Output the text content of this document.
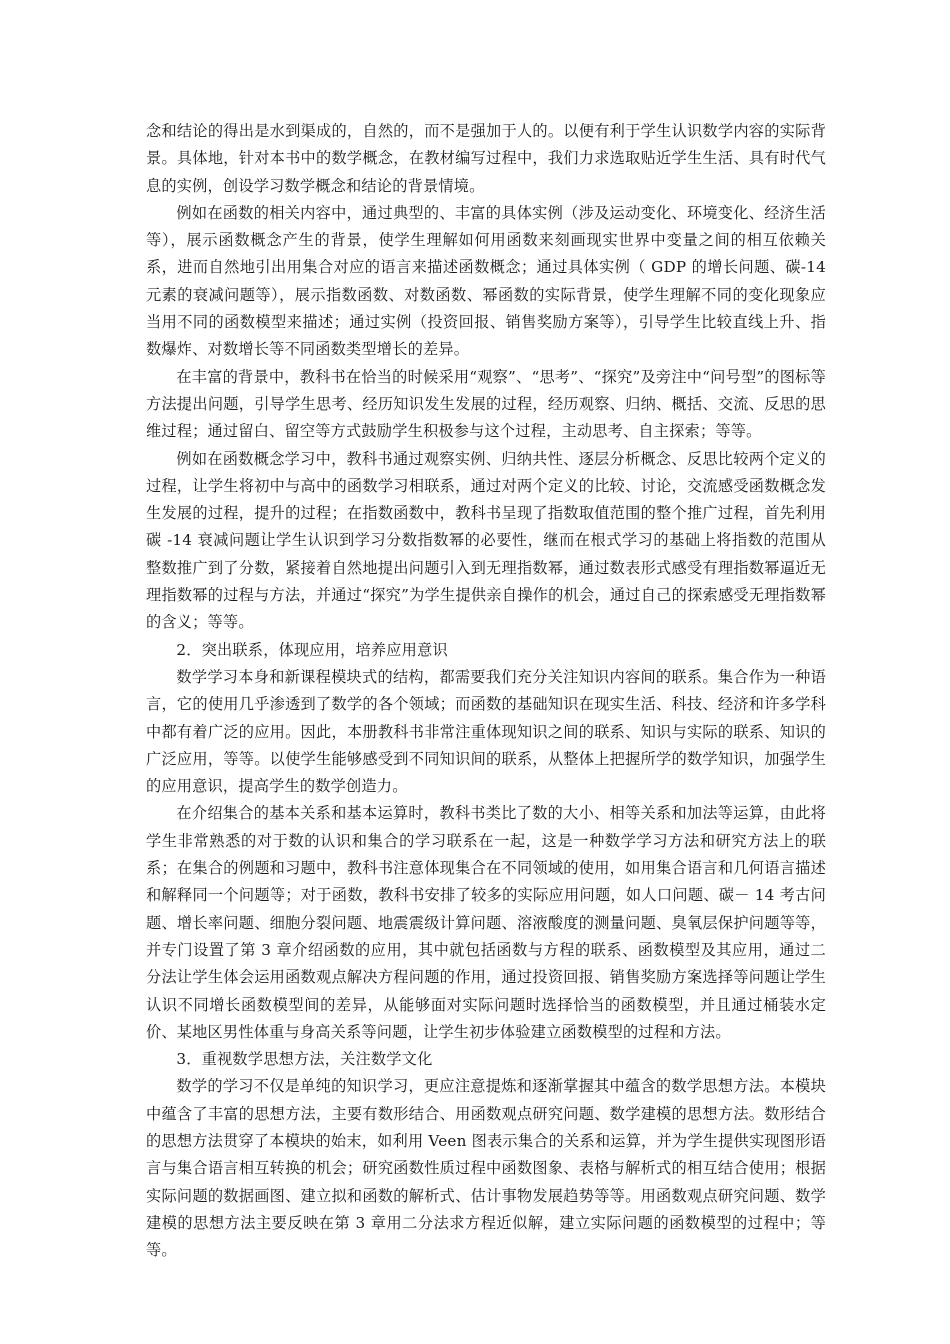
念和结论的得出是水到渠成的，自然的，而不是强加于人的。以便有利于学生认识数学内容的实际背景。具体地，针对本书中的数学概念，在教材编写过程中，我们力求选取贴近学生生活、具有时代气息的实例，创设学习数学概念和结论的背景情境。

例如在函数的相关内容中，通过典型的、丰富的具体实例（涉及运动变化、环境变化、经济生活等），展示函数概念产生的背景，使学生理解如何用函数来刻画现实世界中变量之间的相互依赖关系，进而自然地引出用集合对应的语言来描述函数概念；通过具体实例（ GDP 的增长问题、碳-14 元素的衰减问题等），展示指数函数、对数函数、幂函数的实际背景，使学生理解不同的变化现象应当用不同的函数模型来描述；通过实例（投资回报、销售奖励方案等），引导学生比较直线上升、指数爆炸、对数增长等不同函数类型增长的差异。

在丰富的背景中，教科书在恰当的时候采用“观察”、“思考”、“探究”及旁注中“问号型”的图标等方法提出问题，引导学生思考、经历知识发生发展的过程，经历观察、归纳、概括、交流、反思的思维过程；通过留白、留空等方式鼓励学生积极参与这个过程，主动思考、自主探索；等等。

例如在函数概念学习中，教科书通过观察实例、归纳共性、逐层分析概念、反思比较两个定义的过程，让学生将初中与高中的函数学习相联系，通过对两个定义的比较、讨论，交流感受函数概念发生发展的过程，提升的过程；在指数函数中，教科书呈现了指数取值范围的整个推广过程，首先利用碳 -14 衰减问题让学生认识到学习分数指数幂的必要性，继而在根式学习的基础上将指数的范围从整数推广到了分数，紧接着自然地提出问题引入到无理指数幂，通过数表形式感受有理指数幂逼近无理指数幂的过程与方法，并通过“探究”为学生提供亲自操作的机会，通过自己的探索感受无理指数幂的含义；等等。

2．突出联系，体现应用，培养应用意识

数学学习本身和新课程模块式的结构，都需要我们充分关注知识内容间的联系。集合作为一种语言，它的使用几乎渗透到了数学的各个领域；而函数的基础知识在现实生活、科技、经济和许多学科中都有着广泛的应用。因此，本册教科书非常注重体现知识之间的联系、知识与实际的联系、知识的广泛应用，等等。以使学生能够感受到不同知识间的联系，从整体上把握所学的数学知识，加强学生的应用意识，提高学生的数学创造力。

在介绍集合的基本关系和基本运算时，教科书类比了数的大小、相等关系和加法等运算，由此将学生非常熟悉的对于数的认识和集合的学习联系在一起，这是一种数学学习方法和研究方法上的联系；在集合的例题和习题中，教科书注意体现集合在不同领域的使用，如用集合语言和几何语言描述和解释同一个问题等；对于函数，教科书安排了较多的实际应用问题，如人口问题、碳－ 14 考古问题、增长率问题、细胞分裂问题、地震震级计算问题、溶液酸度的测量问题、臭氧层保护问题等等，并专门设置了第 3 章介绍函数的应用，其中就包括函数与方程的联系、函数模型及其应用，通过二分法让学生体会运用函数观点解决方程问题的作用，通过投资回报、销售奖励方案选择等问题让学生认识不同增长函数模型间的差异，从能够面对实际问题时选择恰当的函数模型，并且通过桶装水定价、某地区男性体重与身高关系等问题，让学生初步体验建立函数模型的过程和方法。

3．重视数学思想方法，关注数学文化

数学的学习不仅是单纯的知识学习，更应注意提炼和逐渐掌握其中蕴含的数学思想方法。本模块中蕴含了丰富的思想方法，主要有数形结合、用函数观点研究问题、数学建模的思想方法。数形结合的思想方法贯穿了本模块的始末，如利用 Veen 图表示集合的关系和运算，并为学生提供实现图形语言与集合语言相互转换的机会；研究函数性质过程中函数图象、表格与解析式的相互结合使用；根据实际问题的数据画图、建立拟和函数的解析式、估计事物发展趋势等等。用函数观点研究问题、数学建模的思想方法主要反映在第 3 章用二分法求方程近似解，建立实际问题的函数模型的过程中；等等。
